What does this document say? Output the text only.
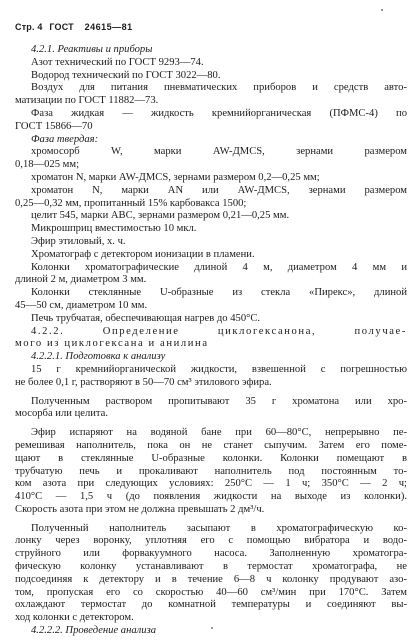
Стр. 4 ГОСТ 24615—81
4.2.1. Реактивы и приборы
Азот технический по ГОСТ 9293—74.
Водород технический по ГОСТ 3022—80.
Воздух для питания пневматических приборов и средств авто-
матизации по ГОСТ 11882—73.
Фаза жидкая — жидкость кремнийорганическая (ПФМС-4) по
ГОСТ 15866—70
Фаза твердая:
хромосорб W, марки AW-ДМCS, зернами размером
0,18—025 мм;
хроматон N, марки AW-ДМCS, зернами размером 0,2—0,25 мм;
хроматон N, марки AN или AW-ДМCS, зернами размером
0,25—0,32 мм, пропитанный 15% карбовакса 1500;
целит 545, марки ABC, зернами размером 0,21—0,25 мм.
Микрошприц вместимостью 10 мкл.
Эфир этиловый, х. ч.
Хроматограф с детектором ионизации в пламени.
Колонки хроматографические длиной 4 м, диаметром 4 мм и
длиной 2 м, диаметром 3 мм.
Колонки стеклянные U-образные из стекла «Пирекс», длиной
45—50 см, диаметром 10 мм.
Печь трубчатая, обеспечивающая нагрев до 450°С.
4.2.2. Определение циклогексанона, получае-
мого из циклогексана и анилина
4.2.2.1. Подготовка к анализу
15 г кремнийорганической жидкости, взвешенной с погрешностью
не более 0,1 г, растворяют в 50—70 см³ этилового эфира.
Полученным раствором пропитывают 35 г хроматона или хро-
мосорба или целита.
Эфир испаряют на водяной бане при 60—80°С, непрерывно пе-
ремешивая наполнитель, пока он не станет сыпучим. Затем его поме-
щают в стеклянные U-образные колонки. Колонки помещают в
трубчатую печь и прокаливают наполнитель под постоянным то-
ком азота при следующих условиях: 250°С — 1 ч; 350°С — 2 ч;
410°С — 1,5 ч (до появления жидкости на выходе из колонки).
Скорость азота при этом не должна превышать 2 дм³/ч.
Полученный наполнитель засыпают в хроматографическую ко-
лонку через воронку, уплотняя его с помощью вибратора и водо-
струйного или форвакуумного насоса. Заполненную хроматогра-
фическую колонку устанавливают в термостат хроматографа, не
подсоединяя к детектору и в течение 6—8 ч колонку продувают азо-
том, пропуская его со скоростью 40—60 см³/мин при 170°С. Затем
охлаждают термостат до комнатной температуры и соединяют вы-
ход колонки с детектором.
4.2.2.2. Проведение анализа
